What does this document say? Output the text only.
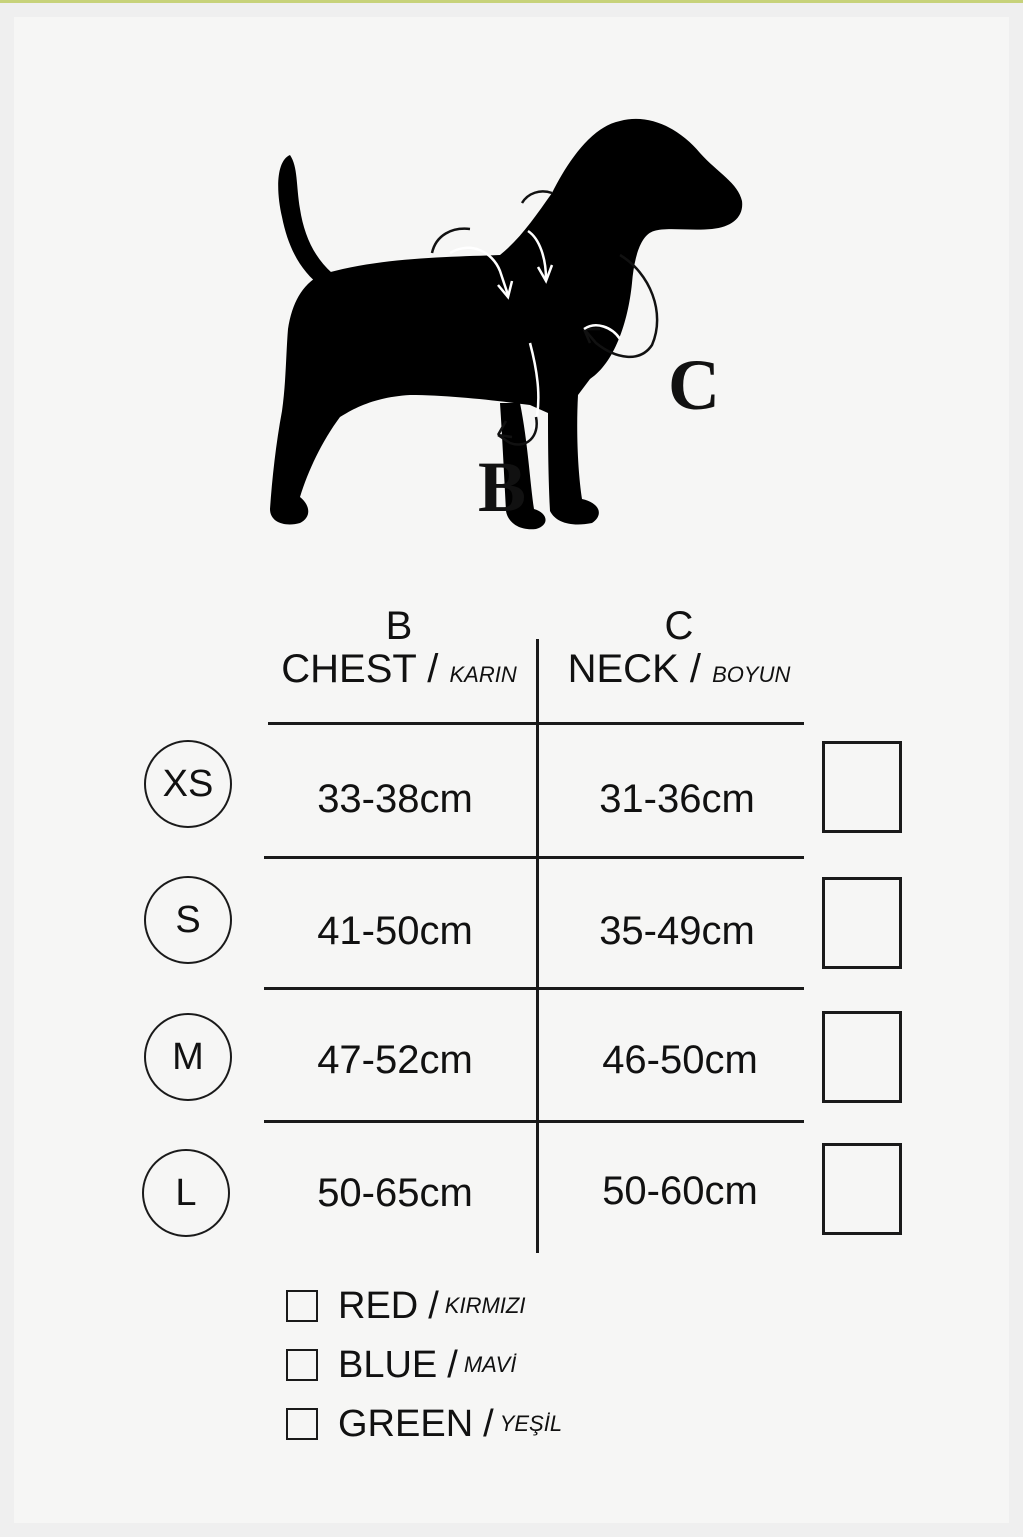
B
C
B
CHEST / KARIN
C
NECK / BOYUN
XS	33-38cm	31-36cm
S	41-50cm	35-49cm
M	47-52cm	46-50cm
L	50-65cm	50-60cm
RED / KIRMIZI
BLUE / MAVİ
GREEN / YEŞİL
